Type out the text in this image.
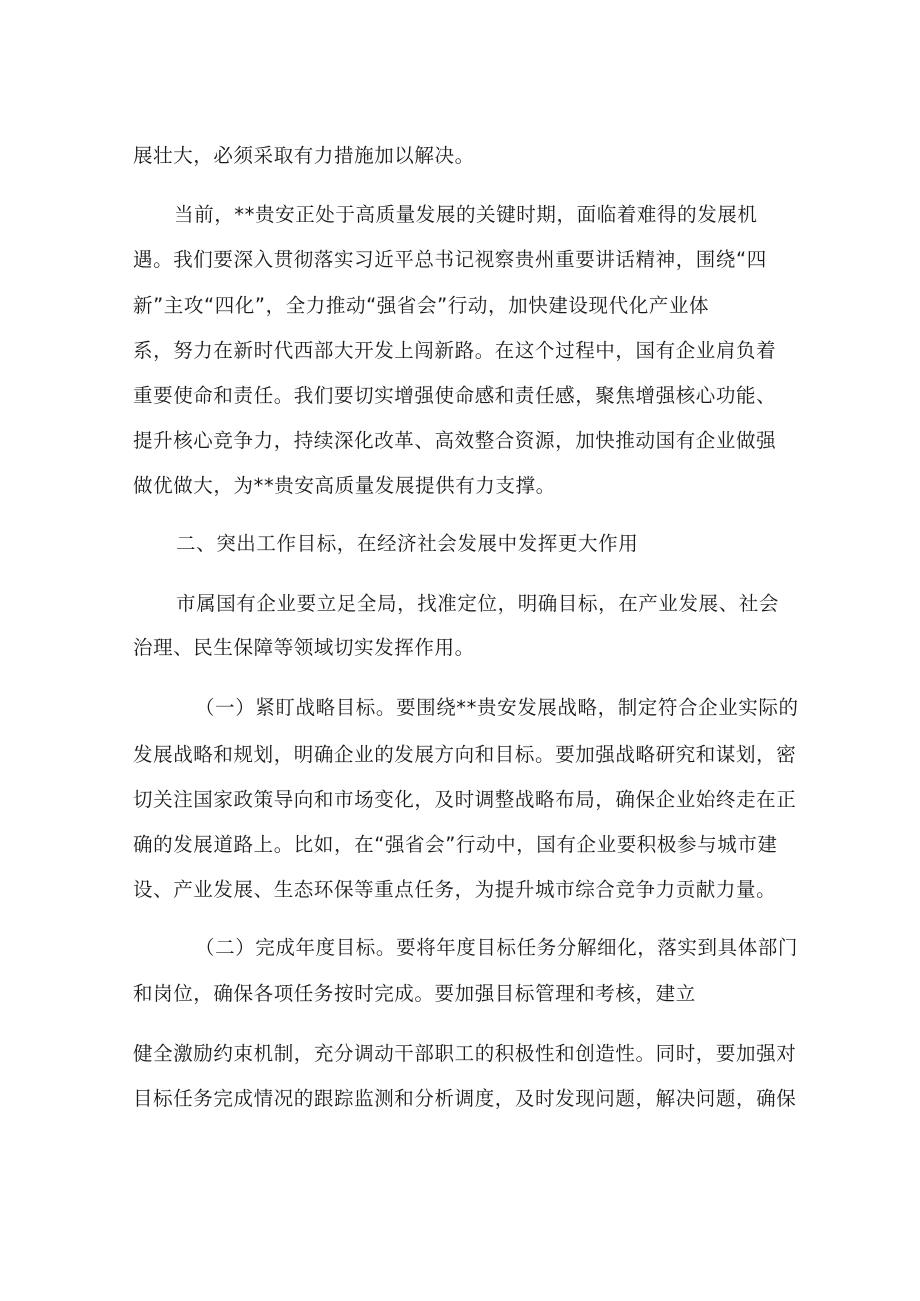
展壮大，必须采取有力措施加以解决。
当前，**贵安正处于高质量发展的关键时期，面临着难得的发展机
遇。我们要深入贯彻落实习近平总书记视察贵州重要讲话精神，围绕“四
新”主攻“四化”，全力推动“强省会”行动，加快建设现代化产业体
系，努力在新时代西部大开发上闯新路。在这个过程中，国有企业肩负着
重要使命和责任。我们要切实增强使命感和责任感，聚焦增强核心功能、
提升核心竞争力，持续深化改革、高效整合资源，加快推动国有企业做强
做优做大，为**贵安高质量发展提供有力支撑。
二、突出工作目标，在经济社会发展中发挥更大作用
市属国有企业要立足全局，找准定位，明确目标，在产业发展、社会
治理、民生保障等领域切实发挥作用。
（一）紧盯战略目标。要围绕**贵安发展战略，制定符合企业实际的
发展战略和规划，明确企业的发展方向和目标。要加强战略研究和谋划，密
切关注国家政策导向和市场变化，及时调整战略布局，确保企业始终走在正
确的发展道路上。比如，在“强省会”行动中，国有企业要积极参与城市建
设、产业发展、生态环保等重点任务，为提升城市综合竞争力贡献力量。
（二）完成年度目标。要将年度目标任务分解细化，落实到具体部门
和岗位，确保各项任务按时完成。要加强目标管理和考核，建立
健全激励约束机制，充分调动干部职工的积极性和创造性。同时，要加强对
目标任务完成情况的跟踪监测和分析调度，及时发现问题，解决问题，确保
